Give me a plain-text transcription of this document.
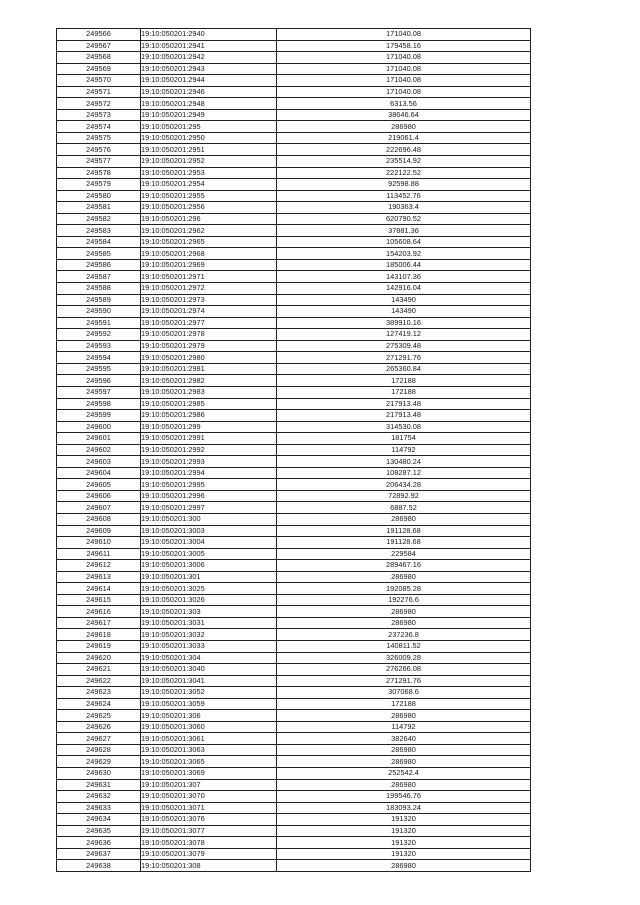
249566	19:10:050201:2940	171040.08
249567	19:10:050201:2941	179458.16
249568	19:10:050201:2942	171040.08
249569	19:10:050201:2943	171040.08
249570	19:10:050201:2944	171040.08
249571	19:10:050201:2946	171040.08
249572	19:10:050201:2948	6313.56
249573	19:10:050201:2949	38646.64
249574	19:10:050201:295	286980
249575	19:10:050201:2950	219061.4
249576	19:10:050201:2951	222696.48
249577	19:10:050201:2952	235514.92
249578	19:10:050201:2953	222122.52
249579	19:10:050201:2954	92598.88
249580	19:10:050201:2955	113452.76
249581	19:10:050201:2956	190363.4
249582	19:10:050201:296	620790.52
249583	19:10:050201:2962	37881.36
249584	19:10:050201:2965	105608.64
249585	19:10:050201:2968	154203.92
249586	19:10:050201:2969	185006.44
249587	19:10:050201:2971	143107.36
249588	19:10:050201:2972	142916.04
249589	19:10:050201:2973	143490
249590	19:10:050201:2974	143490
249591	19:10:050201:2977	389910.16
249592	19:10:050201:2978	127419.12
249593	19:10:050201:2979	275309.48
249594	19:10:050201:2980	271291.76
249595	19:10:050201:2981	265360.84
249596	19:10:050201:2982	172188
249597	19:10:050201:2983	172188
249598	19:10:050201:2985	217913.48
249599	19:10:050201:2986	217913.48
249600	19:10:050201:299	314530.08
249601	19:10:050201:2991	181754
249602	19:10:050201:2992	114792
249603	19:10:050201:2993	130480.24
249604	19:10:050201:2994	108287.12
249605	19:10:050201:2995	206434.28
249606	19:10:050201:2996	72892.92
249607	19:10:050201:2997	6887.52
249608	19:10:050201:300	286980
249609	19:10:050201:3003	191128.68
249610	19:10:050201:3004	191128.68
249611	19:10:050201:3005	229584
249612	19:10:050201:3006	289467.16
249613	19:10:050201:301	286980
249614	19:10:050201:3025	192085.28
249615	19:10:050201:3026	192276.6
249616	19:10:050201:303	286980
249617	19:10:050201:3031	286980
249618	19:10:050201:3032	237236.8
249619	19:10:050201:3033	140811.52
249620	19:10:050201:304	326009.28
249621	19:10:050201:3040	276266.08
249622	19:10:050201:3041	271291.76
249623	19:10:050201:3052	307068.6
249624	19:10:050201:3059	172188
249625	19:10:050201:306	286980
249626	19:10:050201:3060	114792
249627	19:10:050201:3061	382640
249628	19:10:050201:3063	286980
249629	19:10:050201:3065	286980
249630	19:10:050201:3069	252542.4
249631	19:10:050201:307	286980
249632	19:10:050201:3070	199546.76
249633	19:10:050201:3071	183093.24
249634	19:10:050201:3076	191320
249635	19:10:050201:3077	191320
249636	19:10:050201:3078	191320
249637	19:10:050201:3079	191320
249638	19:10:050201:308	286980
